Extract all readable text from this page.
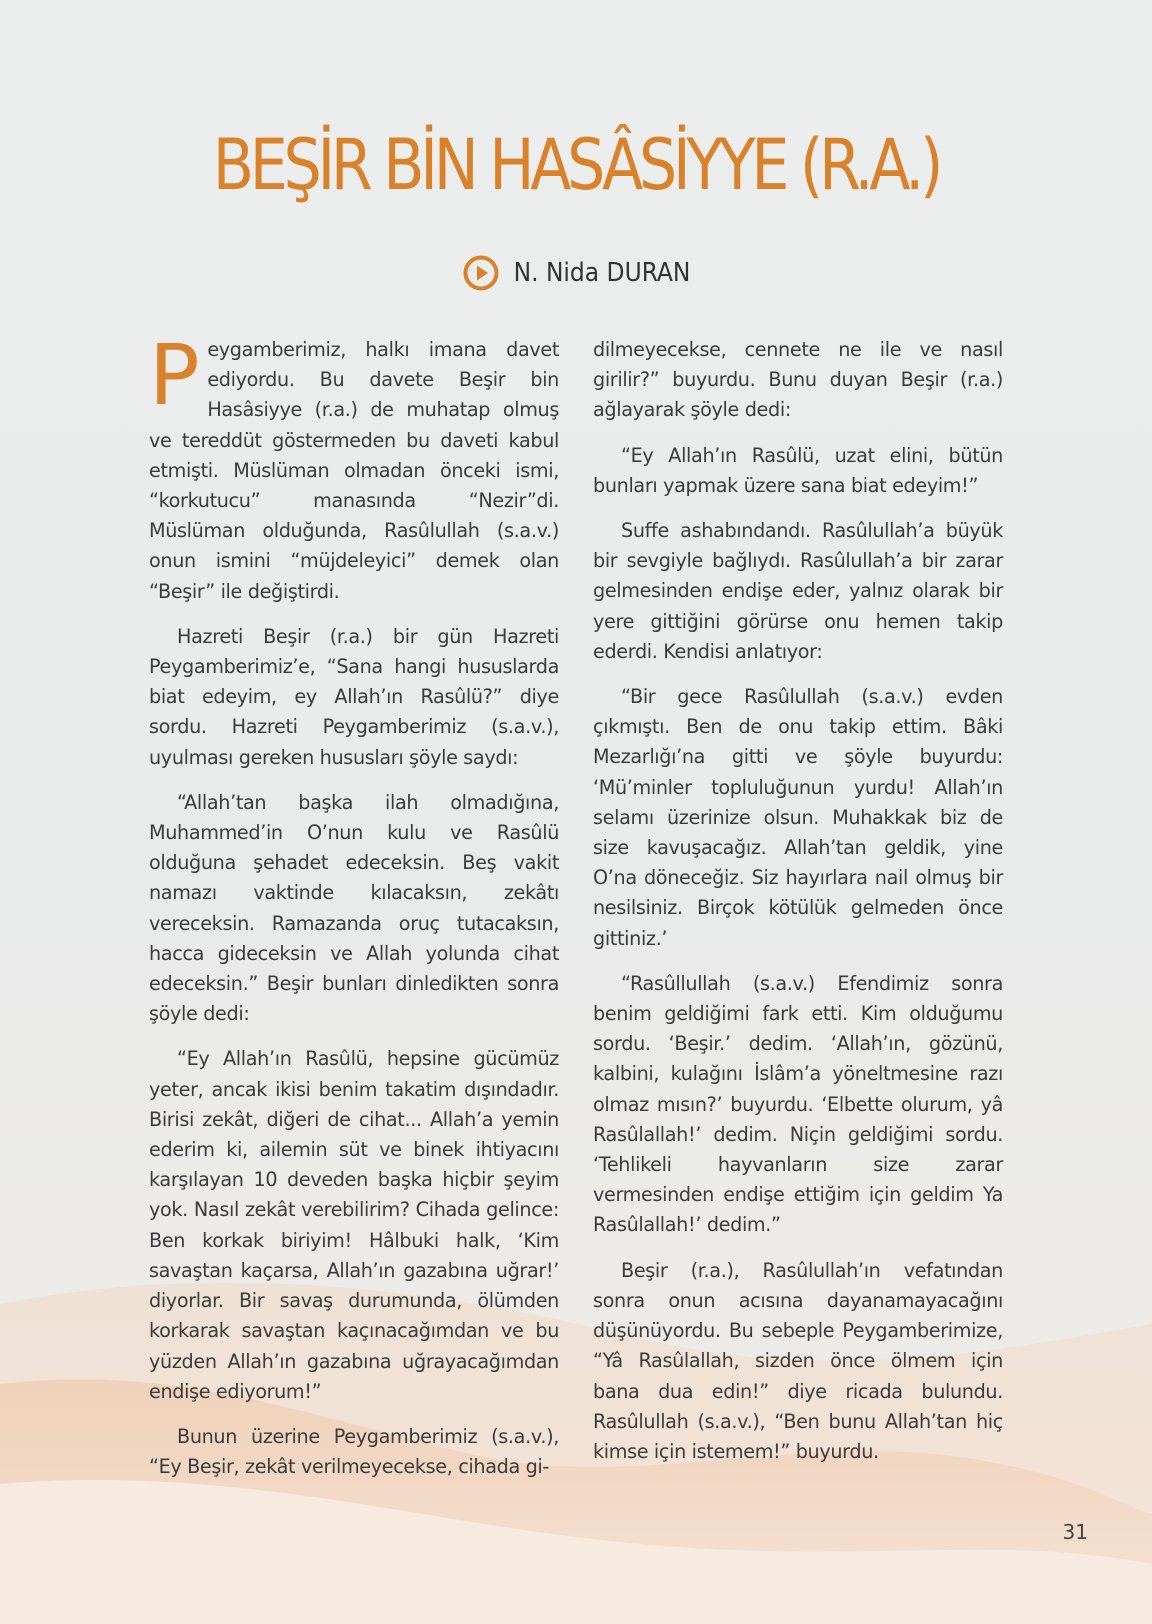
BEŞİR BİN HASÂSİYYE (R.A.)
N. Nida DURAN

Peygamberimiz, halkı imana davet ediyordu. Bu davete Beşir bin Hasâsiyye (r.a.) de muhatap olmuş ve tereddüt göstermeden bu daveti kabul etmişti. Müslüman olmadan önceki ismi, “korkutucu” manasında “Nezir”di. Müslüman olduğunda, Rasûlullah (s.a.v.) onun ismini “müjdeleyici” demek olan “Beşir” ile değiştirdi.

Hazreti Beşir (r.a.) bir gün Hazreti Peygamberimiz’e, “Sana hangi hususlarda biat edeyim, ey Allah’ın Rasûlü?” diye sordu. Hazreti Peygamberimiz (s.a.v.), uyulması gereken hususları şöyle saydı:

“Allah’tan başka ilah olmadığına, Muhammed’in O’nun kulu ve Rasûlü olduğuna şehadet edeceksin. Beş vakit namazı vaktinde kılacaksın, zekâtı vereceksin. Ramazanda oruç tutacaksın, hacca gideceksin ve Allah yolunda cihat edeceksin.” Beşir bunları dinledikten sonra şöyle dedi:

“Ey Allah’ın Rasûlü, hepsine gücümüz yeter, ancak ikisi benim takatim dışındadır. Birisi zekât, diğeri de cihat... Allah’a yemin ederim ki, ailemin süt ve binek ihtiyacını karşılayan 10 deveden başka hiçbir şeyim yok. Nasıl zekât verebilirim? Cihada gelince: Ben korkak biriyim! Hâlbuki halk, ‘Kim savaştan kaçarsa, Allah’ın gazabına uğrar!’ diyorlar. Bir savaş durumunda, ölümden korkarak savaştan kaçınacağımdan ve bu yüzden Allah’ın gazabına uğrayacağımdan endişe ediyorum!”

Bunun üzerine Peygamberimiz (s.a.v.), “Ey Beşir, zekât verilmeyecekse, cihada gi-

dilmeyecekse, cennete ne ile ve nasıl girilir?” buyurdu. Bunu duyan Beşir (r.a.) ağlayarak şöyle dedi:

“Ey Allah’ın Rasûlü, uzat elini, bütün bunları yapmak üzere sana biat edeyim!”

Suffe ashabındandı. Rasûlullah’a büyük bir sevgiyle bağlıydı. Rasûlullah’a bir zarar gelmesinden endişe eder, yalnız olarak bir yere gittiğini görürse onu hemen takip ederdi. Kendisi anlatıyor:

“Bir gece Rasûlullah (s.a.v.) evden çıkmıştı. Ben de onu takip ettim. Bâki Mezarlığı’na gitti ve şöyle buyurdu: ‘Mü’minler topluluğunun yurdu! Allah’ın selamı üzerinize olsun. Muhakkak biz de size kavuşacağız. Allah’tan geldik, yine O’na döneceğiz. Siz hayırlara nail olmuş bir nesilsiniz. Birçok kötülük gelmeden önce gittiniz.’

“Rasûllullah (s.a.v.) Efendimiz sonra benim geldiğimi fark etti. Kim olduğumu sordu. ‘Beşir.’ dedim. ‘Allah’ın, gözünü, kalbini, kulağını İslâm’a yöneltmesine razı olmaz mısın?’ buyurdu. ‘Elbette olurum, yâ Rasûlallah!’ dedim. Niçin geldiğimi sordu. ‘Tehlikeli hayvanların size zarar vermesinden endişe ettiğim için geldim Ya Rasûlallah!’ dedim.”

Beşir (r.a.), Rasûlullah’ın vefatından sonra onun acısına dayanamayacağını düşünüyordu. Bu sebeple Peygamberimize, “Yâ Rasûlallah, sizden önce ölmem için bana dua edin!” diye ricada bulundu. Rasûlullah (s.a.v.), “Ben bunu Allah’tan hiç kimse için istemem!” buyurdu.

31
